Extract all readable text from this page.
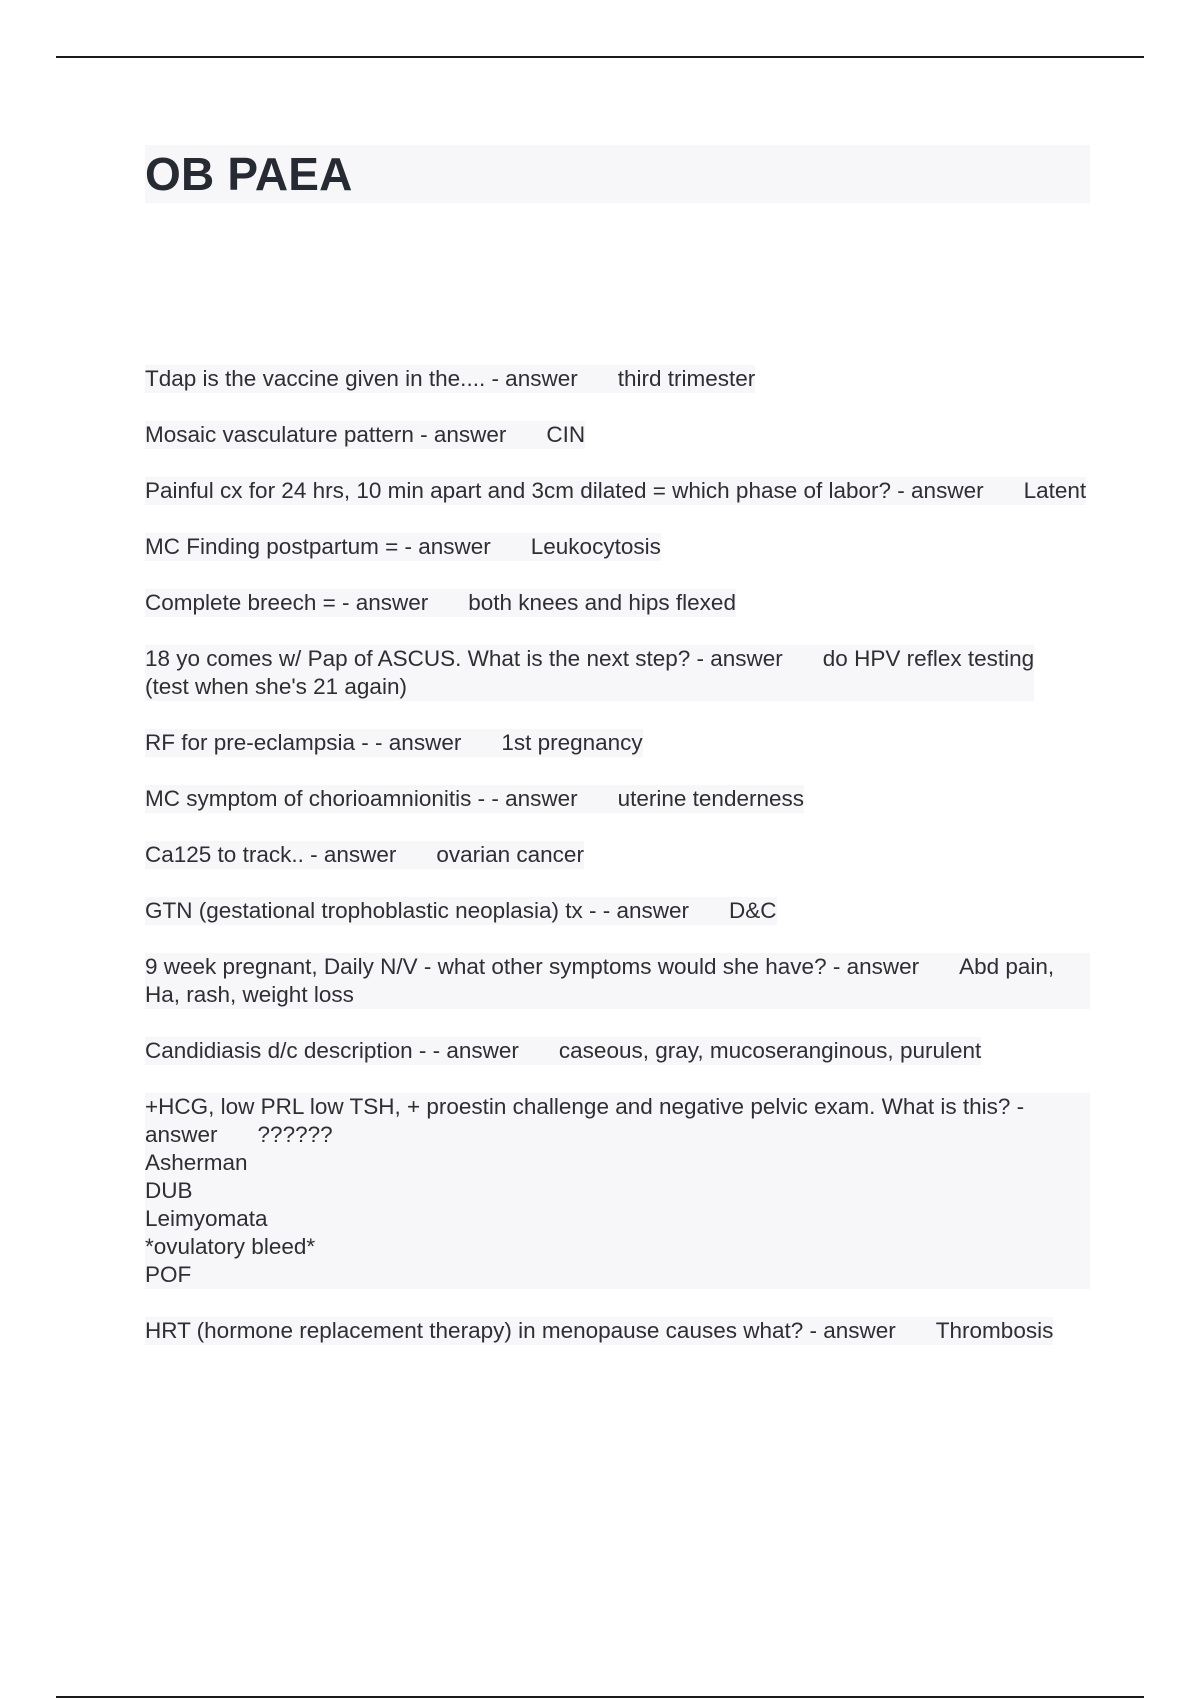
OB PAEA
Tdap is the vaccine given in the.... - answer third trimester
Mosaic vasculature pattern - answer CIN
Painful cx for 24 hrs, 10 min apart and 3cm dilated = which phase of labor? - answer Latent
MC Finding postpartum = - answer Leukocytosis
Complete breech = - answer both knees and hips flexed
18 yo comes w/ Pap of ASCUS. What is the next step? - answer do HPV reflex testing
(test when she's 21 again)
RF for pre-eclampsia - - answer 1st pregnancy
MC symptom of chorioamnionitis - - answer uterine tenderness
Ca125 to track.. - answer ovarian cancer
GTN (gestational trophoblastic neoplasia) tx - - answer D&C
9 week pregnant, Daily N/V - what other symptoms would she have? - answer Abd pain, Ha, rash, weight loss
Candidiasis d/c description - - answer caseous, gray, mucoseranginous, purulent
+HCG, low PRL low TSH, + proestin challenge and negative pelvic exam. What is this? - answer ??????
Asherman
DUB
Leimyomata
*ovulatory bleed*
POF
HRT (hormone replacement therapy) in menopause causes what? - answer Thrombosis
